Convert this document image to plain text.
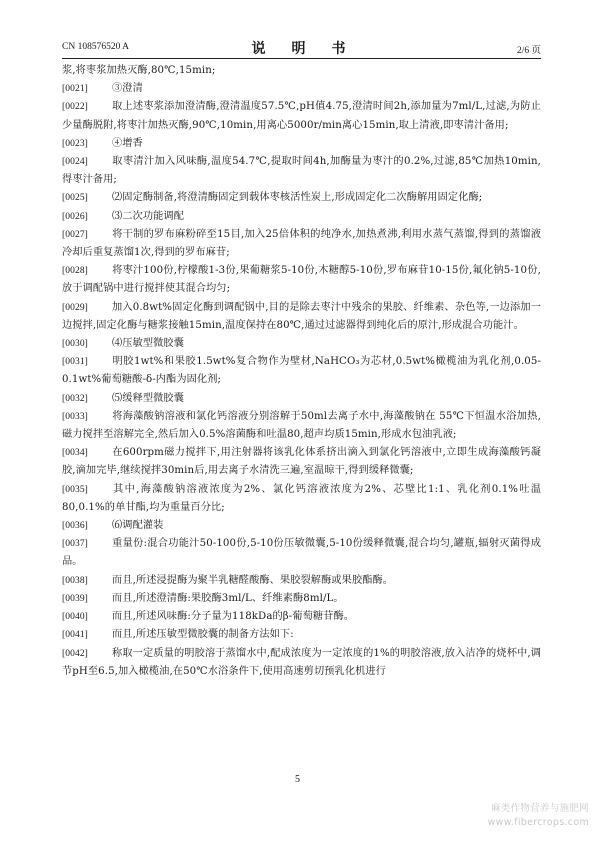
CN 108576520 A	说　明　书	2/6 页

浆,将枣浆加热灭酶,80℃,15min;

[0021] ③澄清

[0022] 取上述枣浆添加澄清酶,澄清温度57.5℃,pH值4.75,澄清时间2h,添加量为7ml/L,过滤,为防止少量酶脱附,将枣汁加热灭酶,90℃,10min,用离心5000r/min离心15min,取上清液,即枣清汁备用;

[0023] ④增香

[0024] 取枣清汁加入风味酶,温度54.7℃,提取时间4h,加酶量为枣汁的0.2%,过滤,85℃加热10min,得枣汁备用;

[0025] ⑵固定酶制备,将澄清酶固定到载体枣核活性炭上,形成固定化二次酶解用固定化酶;

[0026] ⑶二次功能调配

[0027] 将干制的罗布麻粉碎至15目,加入25倍体积的纯净水,加热煮沸,利用水蒸气蒸馏,得到的蒸馏液冷却后重复蒸馏1次,得到的罗布麻苷;

[0028] 将枣汁100份,柠檬酸1-3份,果葡糖浆5-10份,木糖醇5-10份,罗布麻苷10-15份,氟化钠5-10份,放于调配锅中进行搅拌使其混合均匀;

[0029] 加入0.8wt%固定化酶到调配锅中,目的是除去枣汁中残余的果胶、纤维素、杂色等,一边添加一边搅拌,固定化酶与糖浆接触15min,温度保持在80℃,通过过滤器得到纯化后的原汁,形成混合功能汁。

[0030] ⑷压敏型微胶囊

[0031] 明胶1wt%和果胶1.5wt%复合物作为壁材,NaHCO₃为芯材,0.5wt%橄榄油为乳化剂,0.05-0.1wt%葡萄糖酸-δ-内酯为固化剂;

[0032] ⑸缓释型微胶囊

[0033] 将海藻酸钠溶液和氯化钙溶液分别溶解于50ml去离子水中,海藻酸钠在 55℃下恒温水浴加热,磁力搅拌至溶解完全,然后加入0.5%溶菌酶和吐温80,超声均质15min,形成水包油乳液;

[0034] 在600rpm磁力搅拌下,用注射器将该乳化体系挤出滴入到氯化钙溶液中,立即生成海藻酸钙凝胶,滴加完毕,继续搅拌30min后,用去离子水清洗三遍,室温晾干,得到缓释微囊;

[0035] 其中,海藻酸钠溶液浓度为2%、氯化钙溶液浓度为2%、芯壁比1:1、乳化剂0.1%吐温80,0.1%的单甘酯,均为重量百分比;

[0036] ⑹调配灌装

[0037] 重量份:混合功能汁50-100份,5-10份压敏微囊,5-10份缓释微囊,混合均匀,罐瓶,辐射灭菌得成品。

[0038] 而且,所述浸提酶为聚半乳糖醛酸酶、果胶裂解酶或果胶酯酶。

[0039] 而且,所述澄清酶:果胶酶3ml/L、纤维素酶8ml/L。

[0040] 而且,所述风味酶:分子量为118kDa的β-葡萄糖苷酶。

[0041] 而且,所述压敏型微胶囊的制备方法如下:

[0042] 称取一定质量的明胶溶于蒸馏水中,配成浓度为一定浓度的1%的明胶溶液,放入洁净的烧杯中,调节pH至6.5,加入橄榄油,在50℃水浴条件下,使用高速剪切预乳化机进行

5
麻类作物营养与施肥网
www.fibercrops.com
